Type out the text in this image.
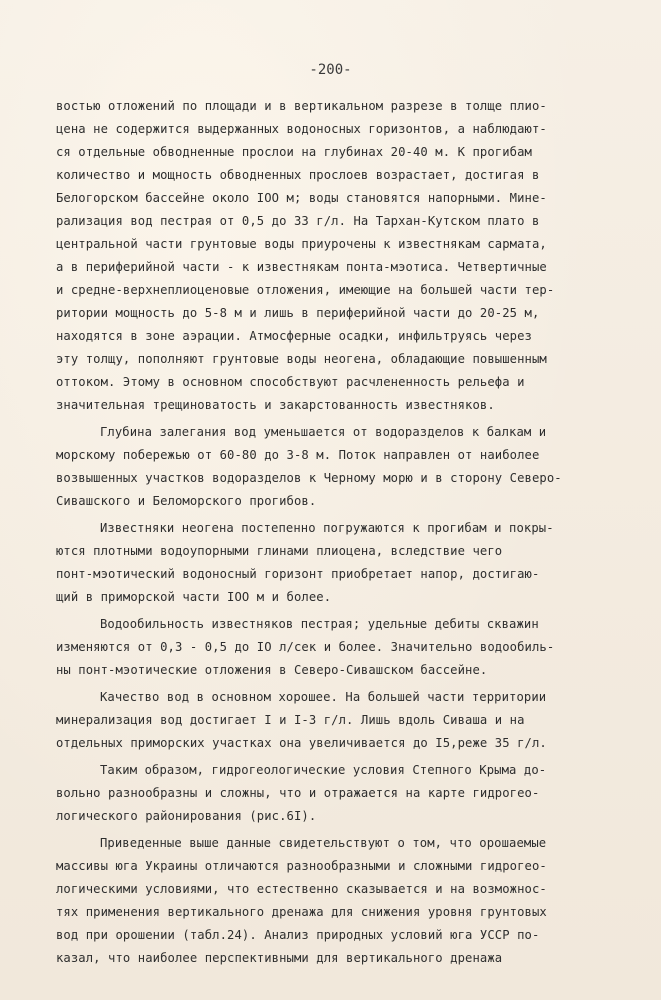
-200-
востью отложений по площади и в вертикальном разрезе в толще плио-
цена не содержится выдержанных водоносных горизонтов, а наблюдают-
ся отдельные обводненные прослои на глубинах 20-40 м. К прогибам
количество и мощность обводненных прослоев возрастает, достигая в
Белогорском бассейне около IOO м; воды становятся напорными. Мине-
рализация вод пестрая от 0,5 до 33 г/л. На Тархан-Кутском плато в
центральной части грунтовые воды приурочены к известнякам сармата,
а в периферийной части - к известнякам понта-мэотиса. Четвертичные
и средне-верхнеплиоценовые отложения, имеющие на большей части тер-
ритории мощность до 5-8 м и лишь в периферийной части до 20-25 м,
находятся в зоне аэрации. Атмосферные осадки, инфильтруясь через
эту толщу, пополняют грунтовые воды неогена, обладающие повышенным
оттоком. Этому в основном способствуют расчлененность рельефа и
значительная трещиноватость и закарстованность известняков.
Глубина залегания вод уменьшается от водоразделов к балкам и
морскому побережью от 60-80 до 3-8 м. Поток направлен от наиболее
возвышенных участков водоразделов к Черному морю и в сторону Северо-
Сивашского и Беломорского прогибов.
Известняки неогена постепенно погружаются к прогибам и покры-
ются плотными водоупорными глинами плиоцена, вследствие чего
понт-мэотический водоносный горизонт приобретает напор, достигаю-
щий в приморской части IOO м и более.
Водообильность известняков пестрая; удельные дебиты скважин
изменяются от 0,3 - 0,5 до IO л/сек и более. Значительно водообиль-
ны понт-мэотические отложения в Северо-Сивашском бассейне.
Качество вод в основном хорошее. На большей части территории
минерализация вод достигает I и I-3 г/л. Лишь вдоль Сиваша и на
отдельных приморских участках она увеличивается до I5,реже 35 г/л.
Таким образом, гидрогеологические условия Степного Крыма до-
вольно разнообразны и сложны, что и отражается на карте гидрогео-
логического районирования (рис.6I).
Приведенные выше данные свидетельствуют о том, что орошаемые
массивы юга Украины отличаются разнообразными и сложными гидрогео-
логическими условиями, что естественно сказывается и на возможнос-
тях применения вертикального дренажа для снижения уровня грунтовых
вод при орошении (табл.24). Анализ природных условий юга УССР по-
казал, что наиболее перспективными для вертикального дренажа
